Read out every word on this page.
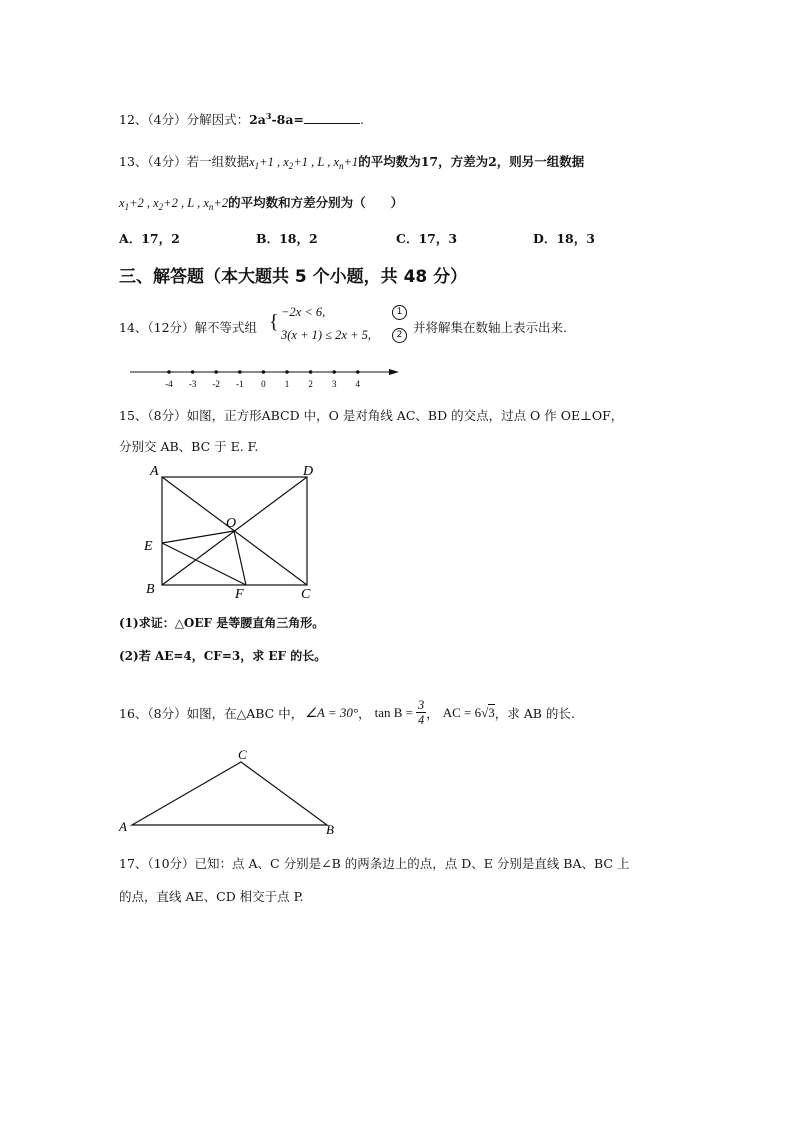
12、（4分）分解因式：$2a^3-8a=$	.
13、（4分）若一组数据$x_1+1$ , $x_2+1$ , L , $x_n+1$的平均数为17，方差为2，则另一组数据
$x_1+2$ , $x_2+2$ , L , $x_n+2$的平均数和方差分别为（　　）
A．17，2	B．18，2	C．17，3	D．18，3
三、解答题（本大题共 5 个小题，共 48 分）
14、（12分）解不等式组 { −2x < 6,
3(x + 1) ≤ 2x + 5,
1
2 并将解集在数轴上表示出来.
-4 -3 -2 -1 0 1 2 3 4
15、（8分）如图，正方形ABCD 中，O 是对角线 AC、BD 的交点，过点 O 作 OE⊥OF，
分别交 AB、BC 于 E. F.
A	D
B	C
E
F
O
(1)求证：△OEF 是等腰直角三角形。
(2)若 AE=4，CF=3，求 EF 的长。
16、（8分）如图，在△ABC 中， ∠A = 30° ， $\tan B = \frac{3}{4}$ ， AC = 6 √ 3 ，求 AB 的长.
A
C
B
17、（10分）已知：点 A、C 分别是∠B 的两条边上的点，点 D、E 分别是直线 BA、BC 上
的点，直线 AE、CD 相交于点 P.
